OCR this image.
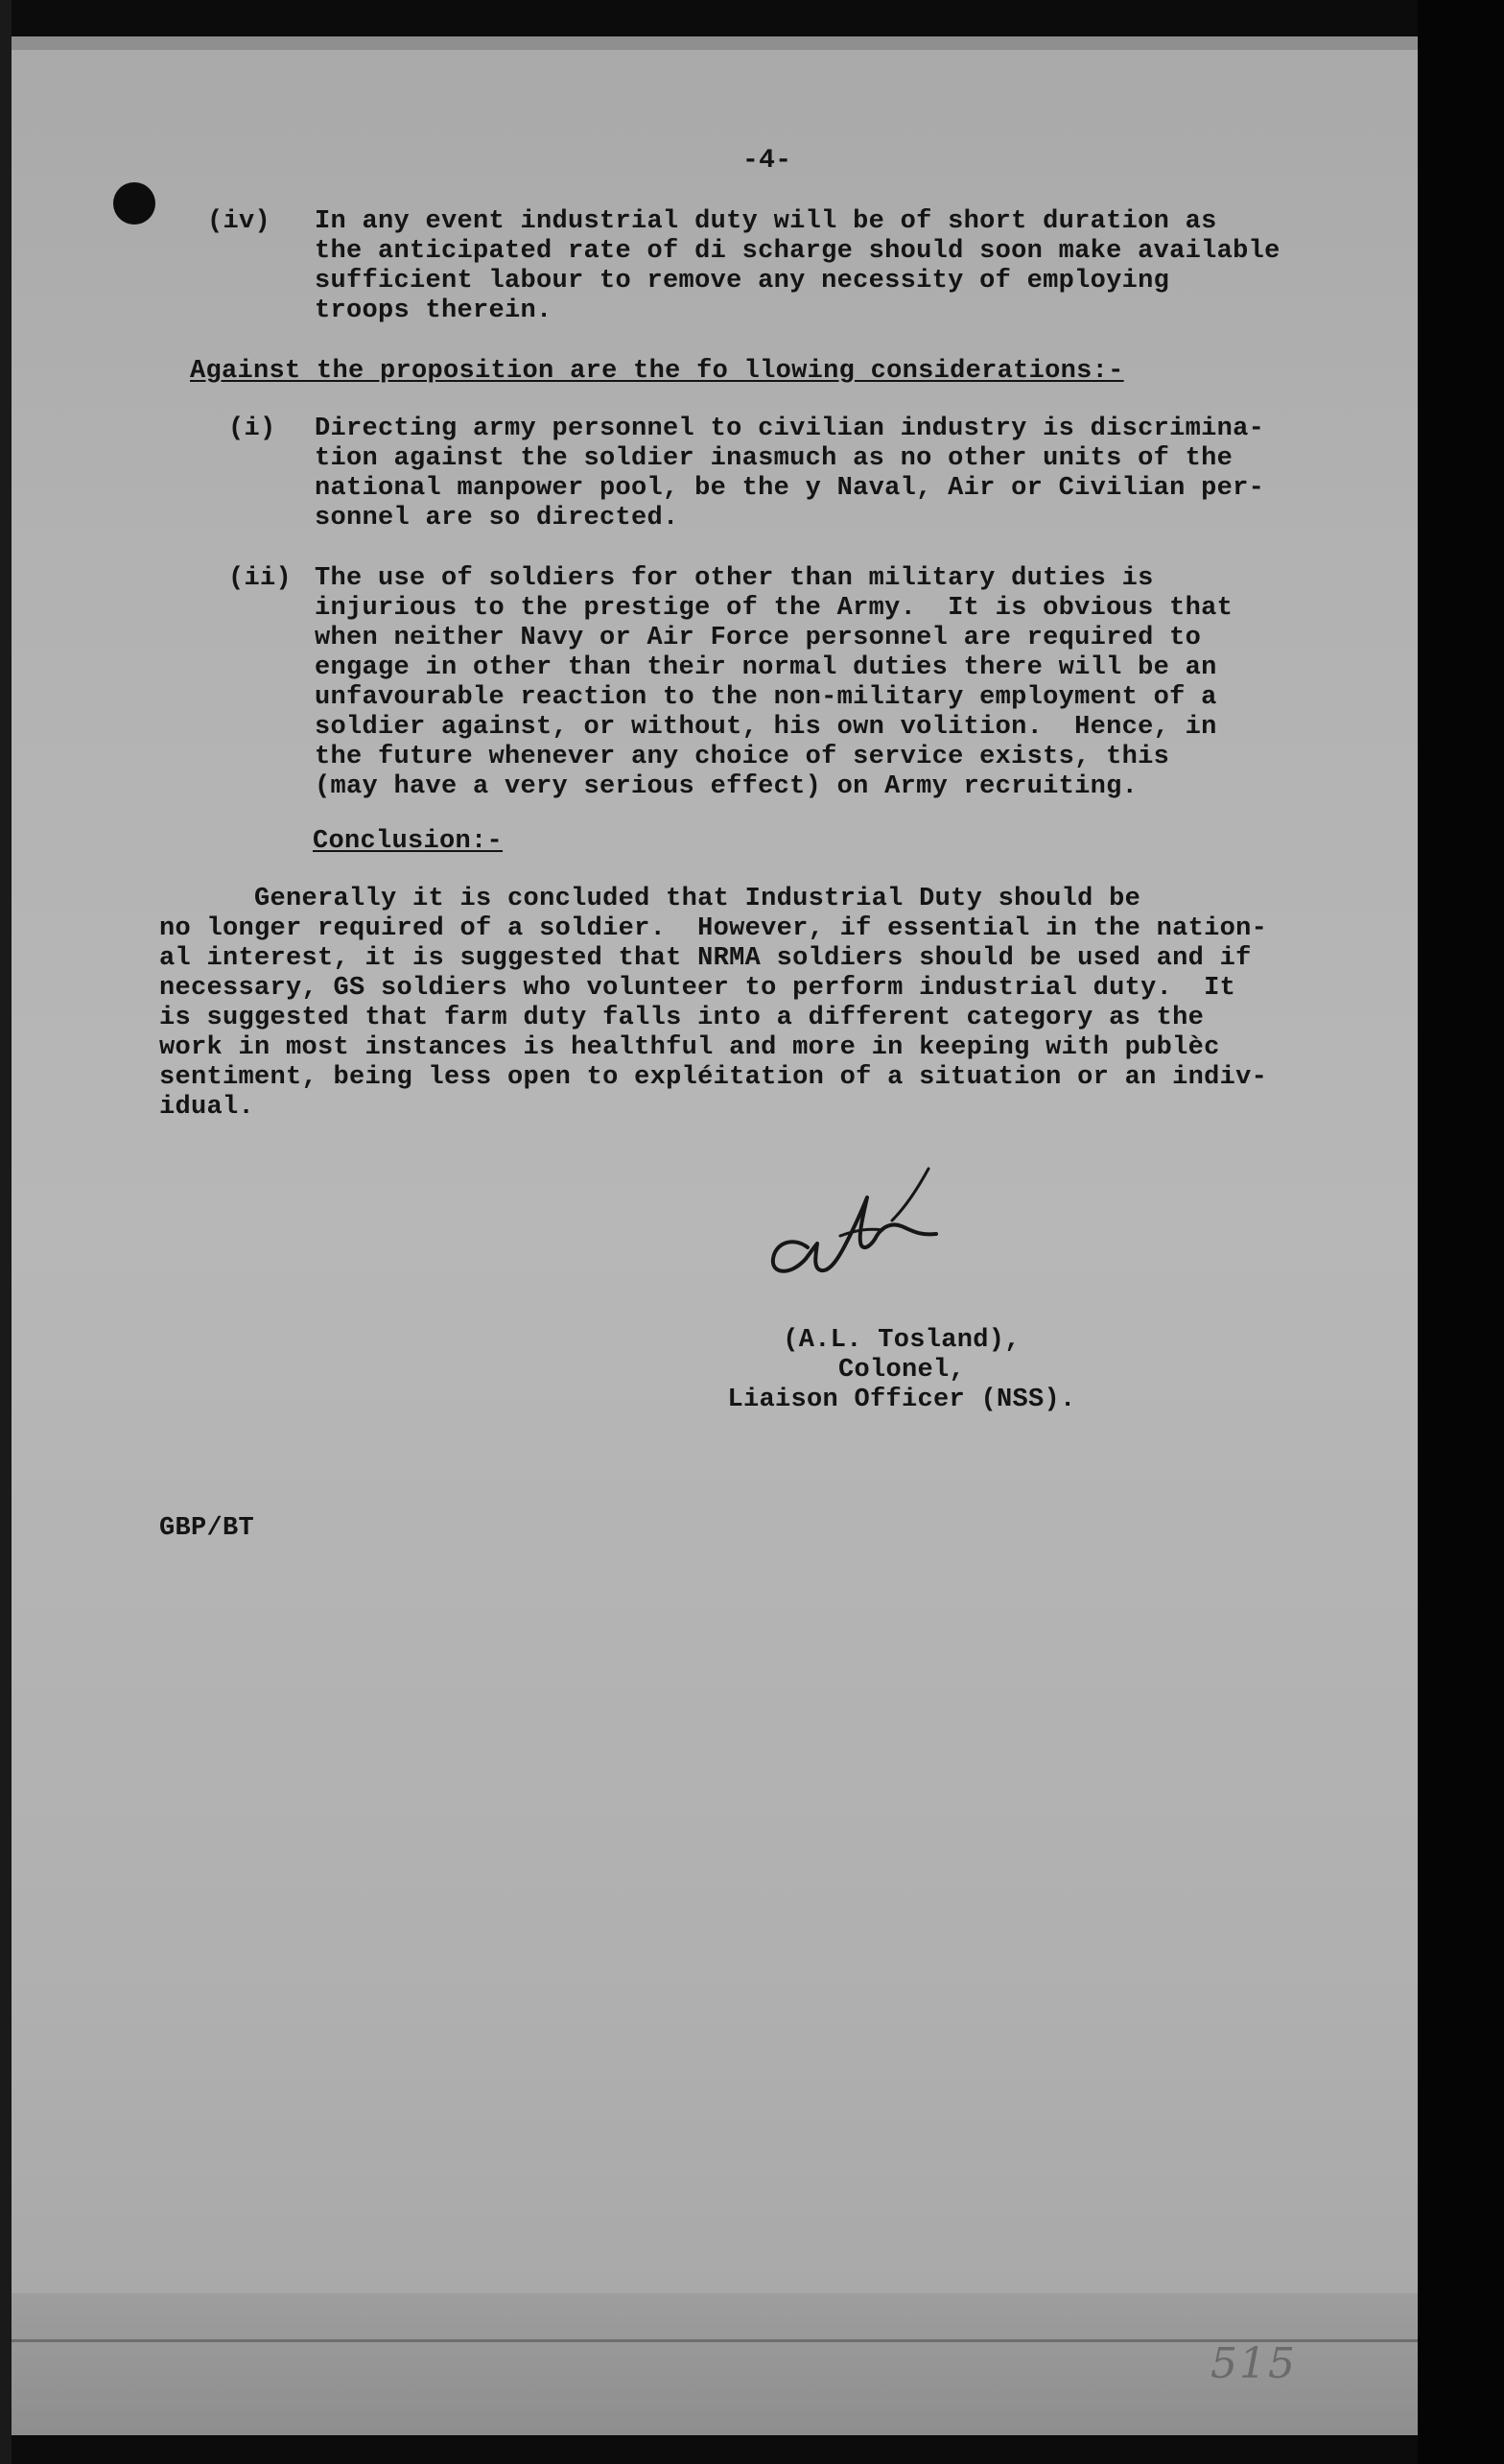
-4-
(iv)	In any event industrial duty will be of short duration as
the anticipated rate of di scharge should soon make available
sufficient labour to remove any necessity of employing
troops therein.
Against the proposition are the fo llowing considerations:-
(i)	Directing army personnel to civilian industry is discrimina-
tion against the soldier inasmuch as no other units of the
national manpower pool, be the y Naval, Air or Civilian per-
sonnel are so directed.
(ii) The use of soldiers for other than military duties is
injurious to the prestige of the Army.  It is obvious that
when neither Navy or Air Force personnel are required to
engage in other than their normal duties there will be an
unfavourable reaction to the non-military employment of a
soldier against, or without, his own volition.  Hence, in
the future whenever any choice of service exists, this
(may have a very serious effect) on Army recruiting.
Conclusion:-
Generally it is concluded that Industrial Duty should be
no longer required of a soldier.  However, if essential in the nation-
al interest, it is suggested that NRMA soldiers should be used and if
necessary, GS soldiers who volunteer to perform industrial duty.  It
is suggested that farm duty falls into a different category as the
work in most instances is healthful and more in keeping with publèc
sentiment, being less open to expléitation of a situation or an indiv-
idual.
(A.L. Tosland),
Colonel,
Liaison Officer (NSS).
GBP/BT
515
